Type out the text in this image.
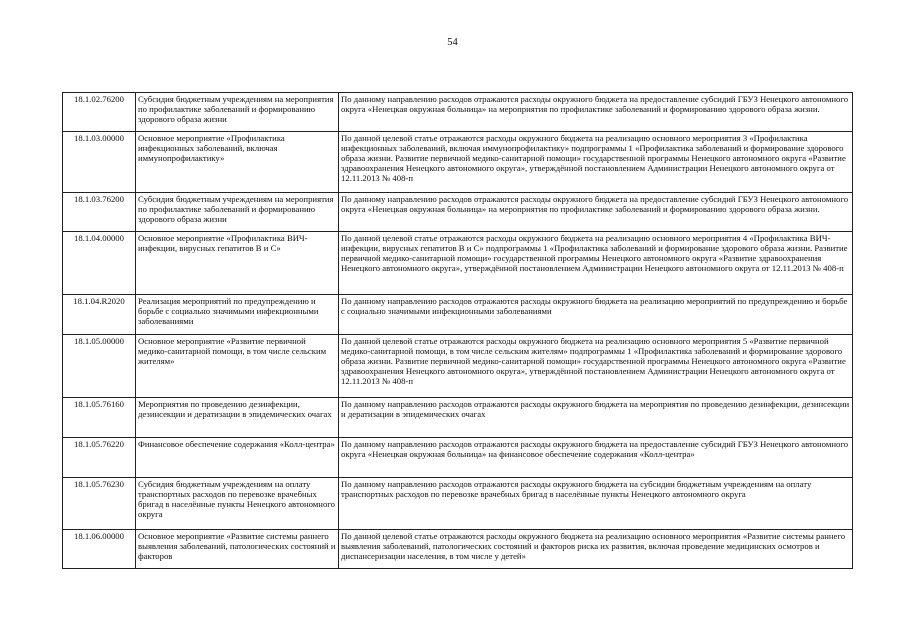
54
18.1.02.76200	Субсидия бюджетным учреждениям на мероприятия по профилактике заболеваний и формированию здорового образа жизни	По данному направлению расходов отражаются расходы окружного бюджета на предоставление субсидий ГБУЗ Ненецкого автономного округа «Ненецкая окружная больница» на мероприятия по профилактике заболеваний и формированию здорового образа жизни.
18.1.03.00000	Основное мероприятие «Профилактика инфекционных заболеваний, включая иммунопрофилактику»	По данной целевой статье отражаются расходы окружного бюджета на реализацию основного мероприятия 3 «Профилактика инфекционных заболеваний, включая иммунопрофилактику» подпрограммы 1 «Профилактика заболеваний и формирование здорового образа жизни. Развитие первичной медико-санитарной помощи» государственной программы Ненецкого автономного округа «Развитие здравоохранения Ненецкого автономного округа», утверждённой постановлением Администрации Ненецкого автономного округа от 12.11.2013 № 408-п
18.1.03.76200	Субсидия бюджетным учреждениям на мероприятия по профилактике заболеваний и формированию здорового образа жизни	По данному направлению расходов отражаются расходы окружного бюджета на предоставление субсидий ГБУЗ Ненецкого автономного округа «Ненецкая окружная больница» на мероприятия по профилактике заболеваний и формированию здорового образа жизни.
18.1.04.00000	Основное мероприятие «Профилактика ВИЧ-инфекции, вирусных гепатитов В и С»	По данной целевой статье отражаются расходы окружного бюджета на реализацию основного мероприятия 4 «Профилактика ВИЧ-инфекции, вирусных гепатитов В и С» подпрограммы 1 «Профилактика заболеваний и формирование здорового образа жизни. Развитие первичной медико-санитарной помощи» государственной программы Ненецкого автономного округа «Развитие здравоохранения Ненецкого автономного округа», утверждённой постановлением Администрации Ненецкого автономного округа от 12.11.2013 № 408-п
18.1.04.R2020	Реализация мероприятий по предупреждению и борьбе с социально значимыми инфекционными заболеваниями	По данному направлению расходов отражаются расходы окружного бюджета на реализацию мероприятий по предупреждению и борьбе с социально значимыми инфекционными заболеваниями
18.1.05.00000	Основное мероприятие «Развитие первичной медико-санитарной помощи, в том числе сельским жителям»	По данной целевой статье отражаются расходы окружного бюджета на реализацию основного мероприятия 5 «Развитие первичной медико-санитарной помощи, в том числе сельским жителям» подпрограммы 1 «Профилактика заболеваний и формирование здорового образа жизни. Развитие первичной медико-санитарной помощи» государственной программы Ненецкого автономного округа «Развитие здравоохранения Ненецкого автономного округа», утверждённой постановлением Администрации Ненецкого автономного округа от 12.11.2013 № 408-п
18.1.05.76160	Мероприятия по проведению дезинфекции, дезинсекции и дератизации в эпидемических очагах	По данному направлению расходов отражаются расходы окружного бюджета на мероприятия по проведению дезинфекции, дезинсекции и дератизации в эпидемических очагах
18.1.05.76220	Финансовое обеспечение содержания «Колл-центра»	По данному направлению расходов отражаются расходы окружного бюджета на предоставление субсидий ГБУЗ Ненецкого автономного округа «Ненецкая окружная больница» на финансовое обеспечение содержания «Колл-центра»
18.1.05.76230	Субсидия бюджетным учреждениям на оплату транспортных расходов по перевозке врачебных бригад в населённые пункты Ненецкого автономного округа	По данному направлению расходов отражаются расходы окружного бюджета на субсидии бюджетным учреждениям на оплату транспортных расходов по перевозке врачебных бригад в населённые пункты Ненецкого автономного округа
18.1.06.00000	Основное мероприятие «Развитие системы раннего выявления заболеваний, патологических состояний и факторов	По данной целевой статье отражаются расходы окружного бюджета на реализацию основного мероприятия «Развитие системы раннего выявления заболеваний, патологических состояний и факторов риска их развития, включая проведение медицинских осмотров и диспансеризации населения, в том числе у детей»
